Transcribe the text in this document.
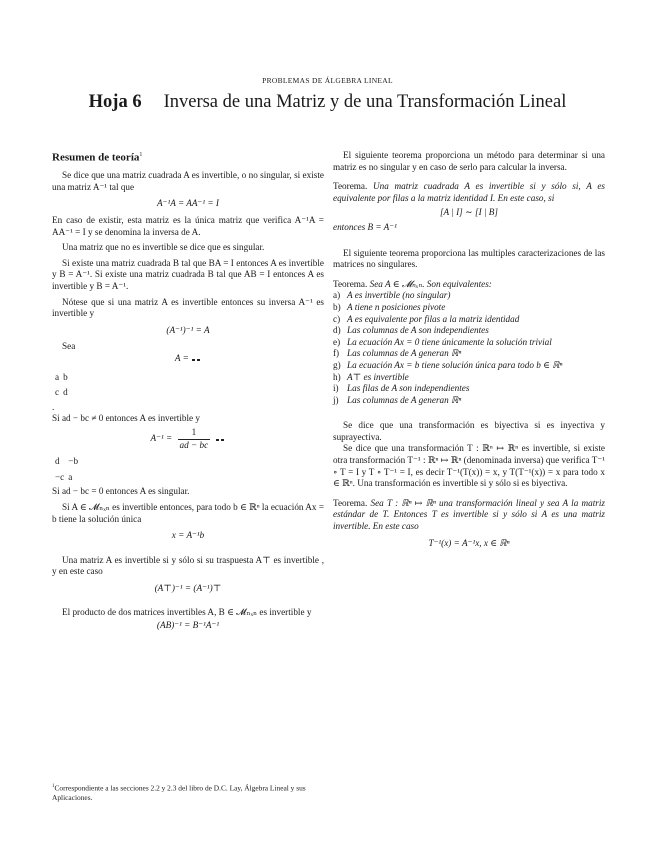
PROBLEMAS DE ÁLGEBRA LINEAL
Hoja 6 Inversa de una Matriz y de una Transformación Lineal

Resumen de teoría$^1$

Se dice que una matriz cuadrada A es invertible, o no singular, si existe una matriz A⁻¹ tal que

A⁻¹A = AA⁻¹ = I

En caso de existir, esta matriz es la única matriz que verifica A⁻¹A = AA⁻¹ = I y se denomina la inversa de A.

Una matriz que no es invertible se dice que es singular.

Si existe una matriz cuadrada B tal que BA = I entonces A es invertible y B = A⁻¹. Si existe una matriz cuadrada B tal que AB = I entonces A es invertible y B = A⁻¹.

Nótese que si una matriz A es invertible entonces su inversa A⁻¹ es invertible y

(A⁻¹)⁻¹ = A

Sea

A =

a	b
c	d
.

Si ad − bc ≠ 0 entonces A es invertible y

$A^{-1} = \frac{1}{ad - bc}$

d	−b
−c	a

Si ad − bc = 0 entonces A es singular.

Si A ∈ 𝓜ₙₓₙ es invertible entonces, para todo b ∈ ℝⁿ la ecuación Ax = b tiene la solución única

x = A⁻¹b

Una matriz A es invertible si y sólo si su traspuesta A⊤ es invertible , y en este caso

(A⊤)⁻¹ = (A⁻¹)⊤

El producto de dos matrices invertibles A, B ∈ 𝓜ₙₓₙ es invertible y

(AB)⁻¹ = B⁻¹A⁻¹

El siguiente teorema proporciona un método para determinar si una matriz es no singular y en caso de serlo para calcular la inversa.

Teorema. Una matriz cuadrada A es invertible si y sólo si, A es equivalente por filas a la matriz identidad I. En este caso, si

[A | I] ∼ [I | B]

entonces B = A⁻¹

El siguiente teorema proporciona las multiples caracterizaciones de las matrices no singulares.

Teorema. Sea A ∈ 𝓜ₙₓₙ. Son equivalentes:

a) A es invertible (no singular)
b) A tiene n posiciones pivote
c) A es equivalente por filas a la matriz identidad
d) Las columnas de A son independientes
e) La ecuación Ax = 0 tiene únicamente la solución trivial
f) Las columnas de A generan ℝⁿ
g) La ecuación Ax = b tiene solución única para todo b ∈ ℝⁿ
h) A⊤ es invertible
i) Las filas de A son independientes
j) Las columnas de A generan ℝⁿ

Se dice que una transformación es biyectiva si es inyectiva y suprayectiva.

Se dice que una transformación T : ℝⁿ ↦ ℝⁿ es invertible, si existe otra transformación T⁻¹ : ℝⁿ ↦ ℝⁿ (denominada inversa) que verifica T⁻¹ ∘ T = I y T ∘ T⁻¹ = I, es decir T⁻¹(T(x)) = x, y T(T⁻¹(x)) = x para todo x ∈ ℝⁿ. Una transformación es invertible si y sólo si es biyectiva.

Teorema. Sea T : ℝⁿ ↦ ℝⁿ una transformación lineal y sea A la matriz estándar de T. Entonces T es invertible si y sólo si A es una matriz invertible. En este caso

T⁻¹(x) = A⁻¹x, x ∈ ℝⁿ

$^1$Correspondiente a las secciones 2.2 y 2.3 del libro de D.C. Lay, Álgebra Lineal y sus Aplicaciones.
